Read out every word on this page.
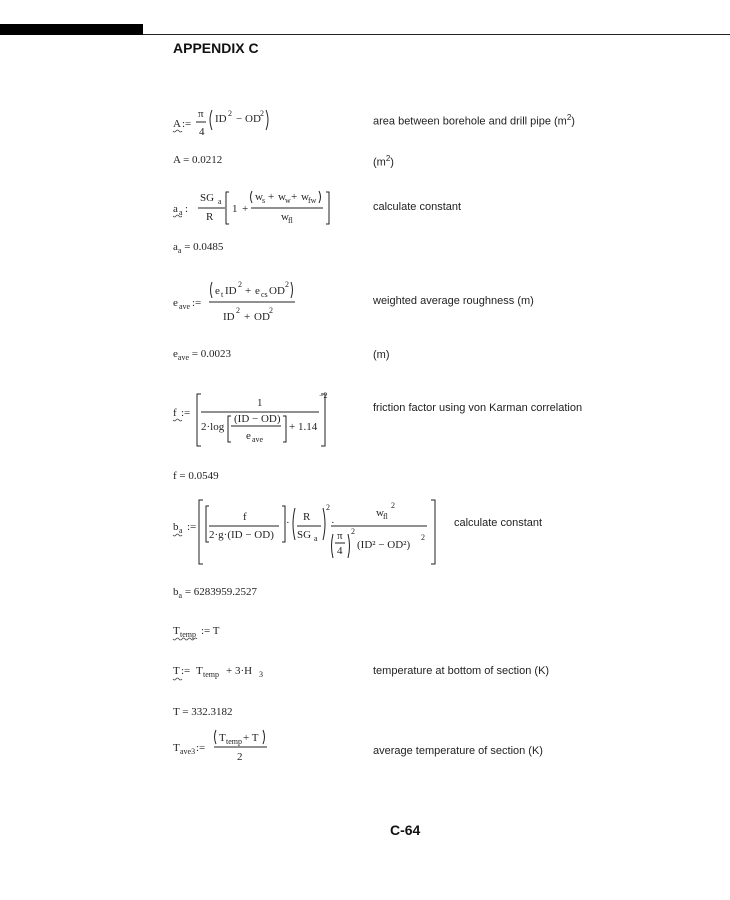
APPENDIX C
A :=
π
4
ID 2 − OD 2
area between borehole and drill pipe $(m^2)$
A = 0.0212	$(m^2)$
a a :
SG a
R
1 +
w s + w w + w fw
w fl
calculate constant
$a_a = 0.0485$
e ave :=
e t ID
2
+ e cs OD
2
ID
2
+ OD
2
weighted average roughness (m)
$e_{ave} = 0.0023$	(m)
f :=
1
2·log
(ID − OD)
e ave
+ 1.14
−2
friction factor using von Karman correlation
f = 0.0549
b a :=
f
2·g·(ID − OD)
· R
SG a
2
·
w fl
2
π
4
2
(ID² − OD²)
2
calculate constant
$b_a = 6283959.2527$
T temp := T
T := T temp + 3·H 3	temperature at bottom of section (K)
T = 332.3182
T ave3 :=
T temp + T
2	average temperature of section (K)
C-64
